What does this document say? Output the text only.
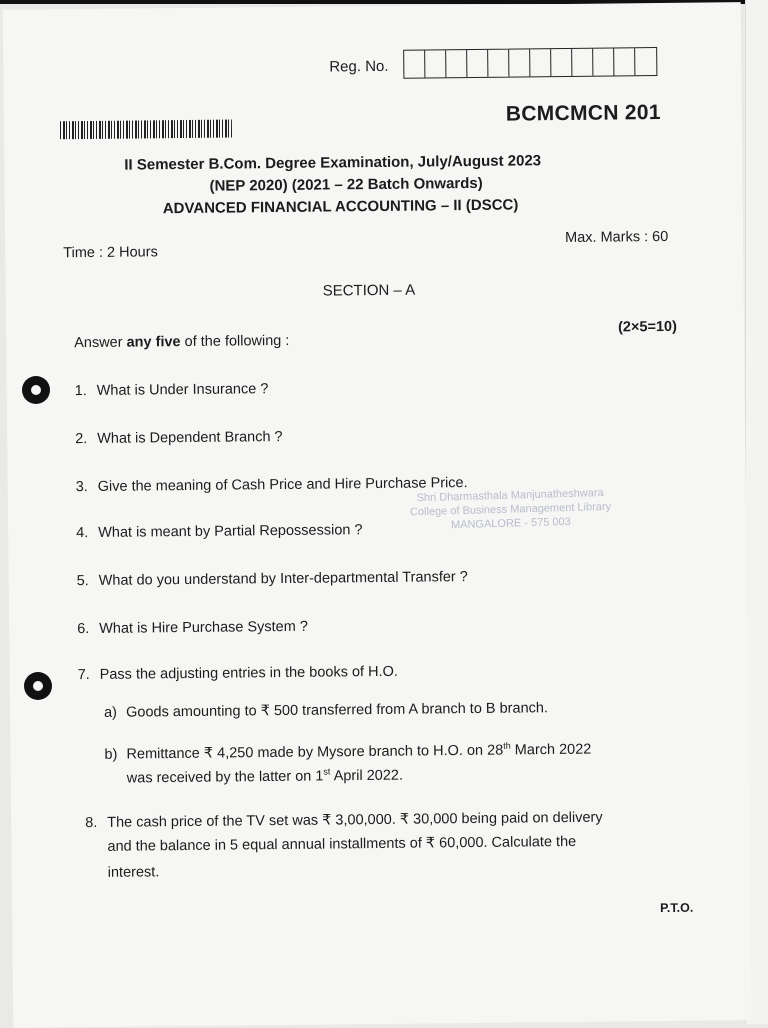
Reg. No.
BCMCMCN 201
II Semester B.Com. Degree Examination, July/August 2023
(NEP 2020) (2021 – 22 Batch Onwards)
ADVANCED FINANCIAL ACCOUNTING – II (DSCC)
Time : 2 Hours
Max. Marks : 60
SECTION – A
Answer any five of the following :
(2×5=10)
1. What is Under Insurance ?
2. What is Dependent Branch ?
3. Give the meaning of Cash Price and Hire Purchase Price.
4. What is meant by Partial Repossession ?
5. What do you understand by Inter-departmental Transfer ?
6. What is Hire Purchase System ?
7. Pass the adjusting entries in the books of H.O.
a) Goods amounting to ₹ 500 transferred from A branch to B branch.
b) Remittance ₹ 4,250 made by Mysore branch to H.O. on 28th March 2022
was received by the latter on 1st April 2022.
8. The cash price of the TV set was ₹ 3,00,000. ₹ 30,000 being paid on delivery
and the balance in 5 equal annual installments of ₹ 60,000. Calculate the
interest.
Shri Dharmasthala Manjunatheshwara
College of Business Management Library
MANGALORE - 575 003
P.T.O.
